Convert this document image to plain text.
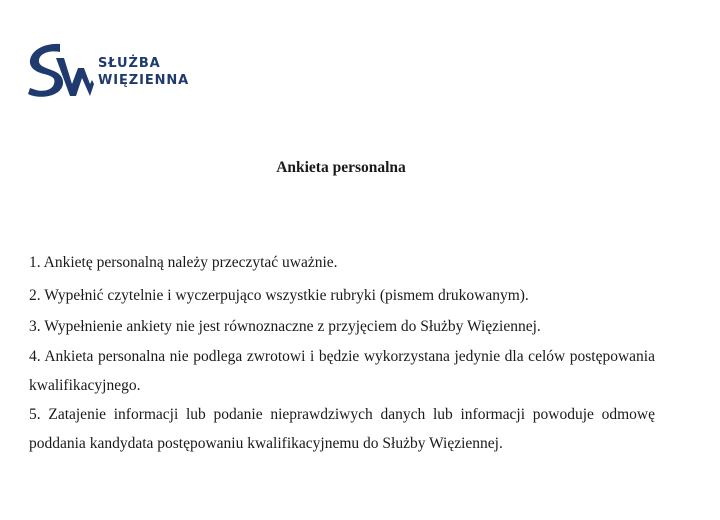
SŁUŻBA
WIĘZIENNA
Ankieta personalna
1. Ankietę personalną należy przeczytać uważnie.
2. Wypełnić czytelnie i wyczerpująco wszystkie rubryki (pismem drukowanym).
3. Wypełnienie ankiety nie jest równoznaczne z przyjęciem do Służby Więziennej.
4. Ankieta personalna nie podlega zwrotowi i będzie wykorzystana jedynie dla celów postępowania kwalifikacyjnego.
5. Zatajenie informacji lub podanie nieprawdziwych danych lub informacji powoduje odmowę poddania kandydata postępowaniu kwalifikacyjnemu do Służby Więziennej.
